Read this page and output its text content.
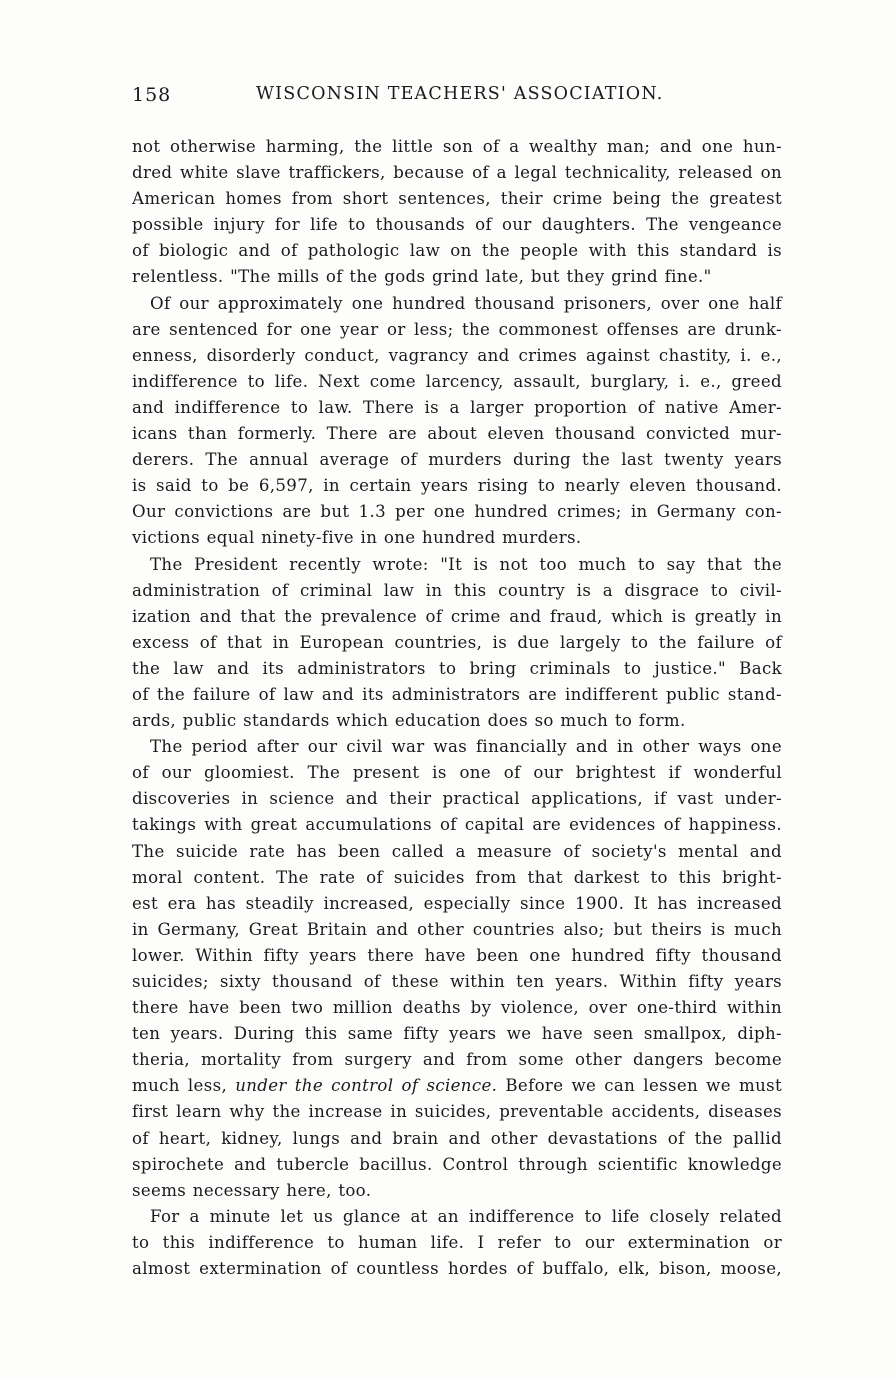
158	WISCONSIN TEACHERS' ASSOCIATION.
not otherwise harming, the little son of a wealthy man; and one hun-
dred white slave traffickers, because of a legal technicality, released on
American homes from short sentences, their crime being the greatest
possible injury for life to thousands of our daughters. The vengeance
of biologic and of pathologic law on the people with this standard is
relentless. "The mills of the gods grind late, but they grind fine."
Of our approximately one hundred thousand prisoners, over one half
are sentenced for one year or less; the commonest offenses are drunk-
enness, disorderly conduct, vagrancy and crimes against chastity, i. e.,
indifference to life. Next come larcency, assault, burglary, i. e., greed
and indifference to law. There is a larger proportion of native Amer-
icans than formerly. There are about eleven thousand convicted mur-
derers. The annual average of murders during the last twenty years
is said to be 6,597, in certain years rising to nearly eleven thousand.
Our convictions are but 1.3 per one hundred crimes; in Germany con-
victions equal ninety-five in one hundred murders.
The President recently wrote: "It is not too much to say that the
administration of criminal law in this country is a disgrace to civil-
ization and that the prevalence of crime and fraud, which is greatly in
excess of that in European countries, is due largely to the failure of
the law and its administrators to bring criminals to justice." Back
of the failure of law and its administrators are indifferent public stand-
ards, public standards which education does so much to form.
The period after our civil war was financially and in other ways one
of our gloomiest. The present is one of our brightest if wonderful
discoveries in science and their practical applications, if vast under-
takings with great accumulations of capital are evidences of happiness.
The suicide rate has been called a measure of society's mental and
moral content. The rate of suicides from that darkest to this bright-
est era has steadily increased, especially since 1900. It has increased
in Germany, Great Britain and other countries also; but theirs is much
lower. Within fifty years there have been one hundred fifty thousand
suicides; sixty thousand of these within ten years. Within fifty years
there have been two million deaths by violence, over one-third within
ten years. During this same fifty years we have seen smallpox, diph-
theria, mortality from surgery and from some other dangers become
much less, under the control of science. Before we can lessen we must
first learn why the increase in suicides, preventable accidents, diseases
of heart, kidney, lungs and brain and other devastations of the pallid
spirochete and tubercle bacillus. Control through scientific knowledge
seems necessary here, too.
For a minute let us glance at an indifference to life closely related
to this indifference to human life. I refer to our extermination or
almost extermination of countless hordes of buffalo, elk, bison, moose,
